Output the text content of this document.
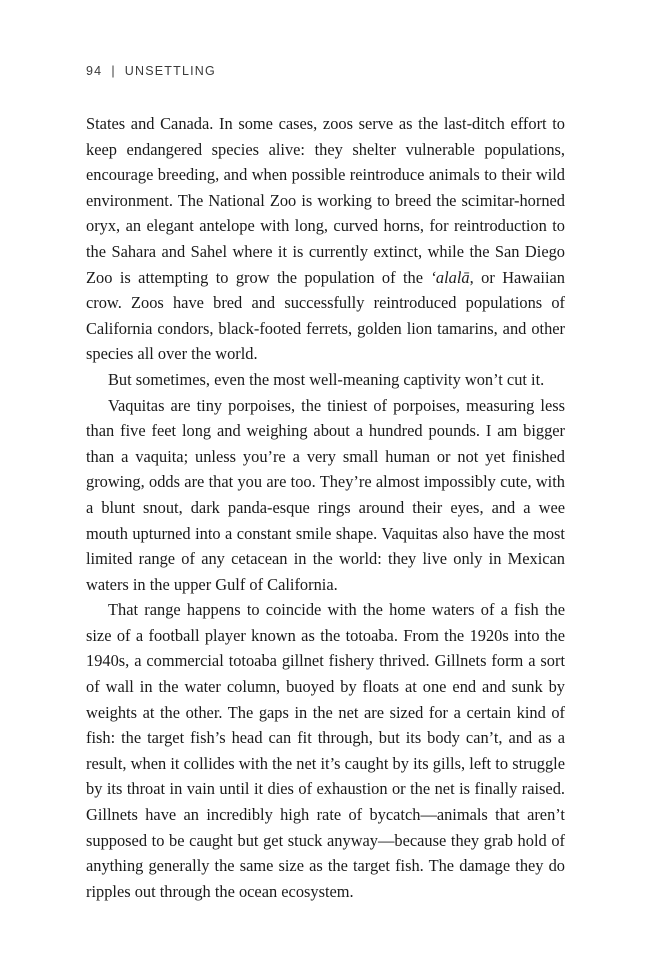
94 | UNSETTLING

States and Canada. In some cases, zoos serve as the last-ditch effort to keep endangered species alive: they shelter vulnerable populations, encourage breeding, and when possible reintroduce animals to their wild environment. The National Zoo is working to breed the scimitar-horned oryx, an elegant antelope with long, curved horns, for reintroduction to the Sahara and Sahel where it is currently extinct, while the San Diego Zoo is attempting to grow the population of the ʻalalā, or Hawaiian crow. Zoos have bred and successfully reintroduced populations of California condors, black-footed ferrets, golden lion tamarins, and other species all over the world.

But sometimes, even the most well-meaning captivity won’t cut it.

Vaquitas are tiny porpoises, the tiniest of porpoises, measuring less than five feet long and weighing about a hundred pounds. I am bigger than a vaquita; unless you’re a very small human or not yet finished growing, odds are that you are too. They’re almost impossibly cute, with a blunt snout, dark panda-esque rings around their eyes, and a wee mouth upturned into a constant smile shape. Vaquitas also have the most limited range of any cetacean in the world: they live only in Mexican waters in the upper Gulf of California.

That range happens to coincide with the home waters of a fish the size of a football player known as the totoaba. From the 1920s into the 1940s, a commercial totoaba gillnet fishery thrived. Gillnets form a sort of wall in the water column, buoyed by floats at one end and sunk by weights at the other. The gaps in the net are sized for a certain kind of fish: the target fish’s head can fit through, but its body can’t, and as a result, when it collides with the net it’s caught by its gills, left to struggle by its throat in vain until it dies of exhaustion or the net is finally raised. Gillnets have an incredibly high rate of bycatch—animals that aren’t supposed to be caught but get stuck anyway—because they grab hold of anything generally the same size as the target fish. The damage they do ripples out through the ocean ecosystem.
